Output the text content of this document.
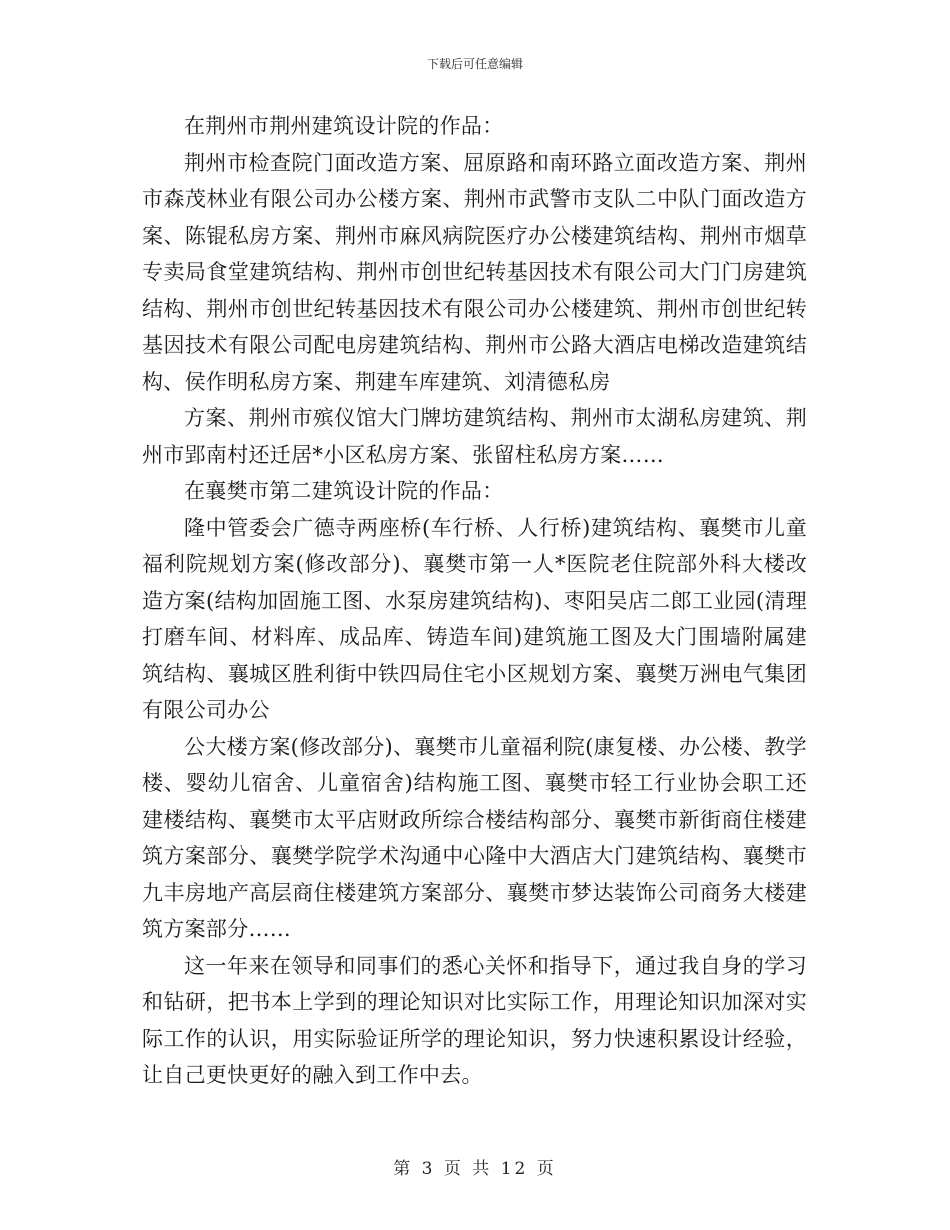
下载后可任意编辑

在荆州市荆州建筑设计院的作品：

荆州市检查院门面改造方案、屈原路和南环路立面改造方案、荆州市森茂林业有限公司办公楼方案、荆州市武警市支队二中队门面改造方案、陈锟私房方案、荆州市麻风病院医疗办公楼建筑结构、荆州市烟草专卖局食堂建筑结构、荆州市创世纪转基因技术有限公司大门门房建筑结构、荆州市创世纪转基因技术有限公司办公楼建筑、荆州市创世纪转基因技术有限公司配电房建筑结构、荆州市公路大酒店电梯改造建筑结构、侯作明私房方案、荆建车库建筑、刘清德私房

方案、荆州市殡仪馆大门牌坊建筑结构、荆州市太湖私房建筑、荆州市郢南村还迁居*小区私房方案、张留柱私房方案……

在襄樊市第二建筑设计院的作品：

隆中管委会广德寺两座桥(车行桥、人行桥)建筑结构、襄樊市儿童福利院规划方案(修改部分)、襄樊市第一人*医院老住院部外科大楼改造方案(结构加固施工图、水泵房建筑结构)、枣阳吴店二郎工业园(清理打磨车间、材料库、成品库、铸造车间)建筑施工图及大门围墙附属建筑结构、襄城区胜利街中铁四局住宅小区规划方案、襄樊万洲电气集团有限公司办公

公大楼方案(修改部分)、襄樊市儿童福利院(康复楼、办公楼、教学楼、婴幼儿宿舍、儿童宿舍)结构施工图、襄樊市轻工行业协会职工还建楼结构、襄樊市太平店财政所综合楼结构部分、襄樊市新街商住楼建筑方案部分、襄樊学院学术沟通中心隆中大酒店大门建筑结构、襄樊市九丰房地产高层商住楼建筑方案部分、襄樊市梦达装饰公司商务大楼建筑方案部分……

这一年来在领导和同事们的悉心关怀和指导下，通过我自身的学习和钻研，把书本上学到的理论知识对比实际工作，用理论知识加深对实际工作的认识，用实际验证所学的理论知识，努力快速积累设计经验，让自己更快更好的融入到工作中去。

第 3 页 共 12 页
